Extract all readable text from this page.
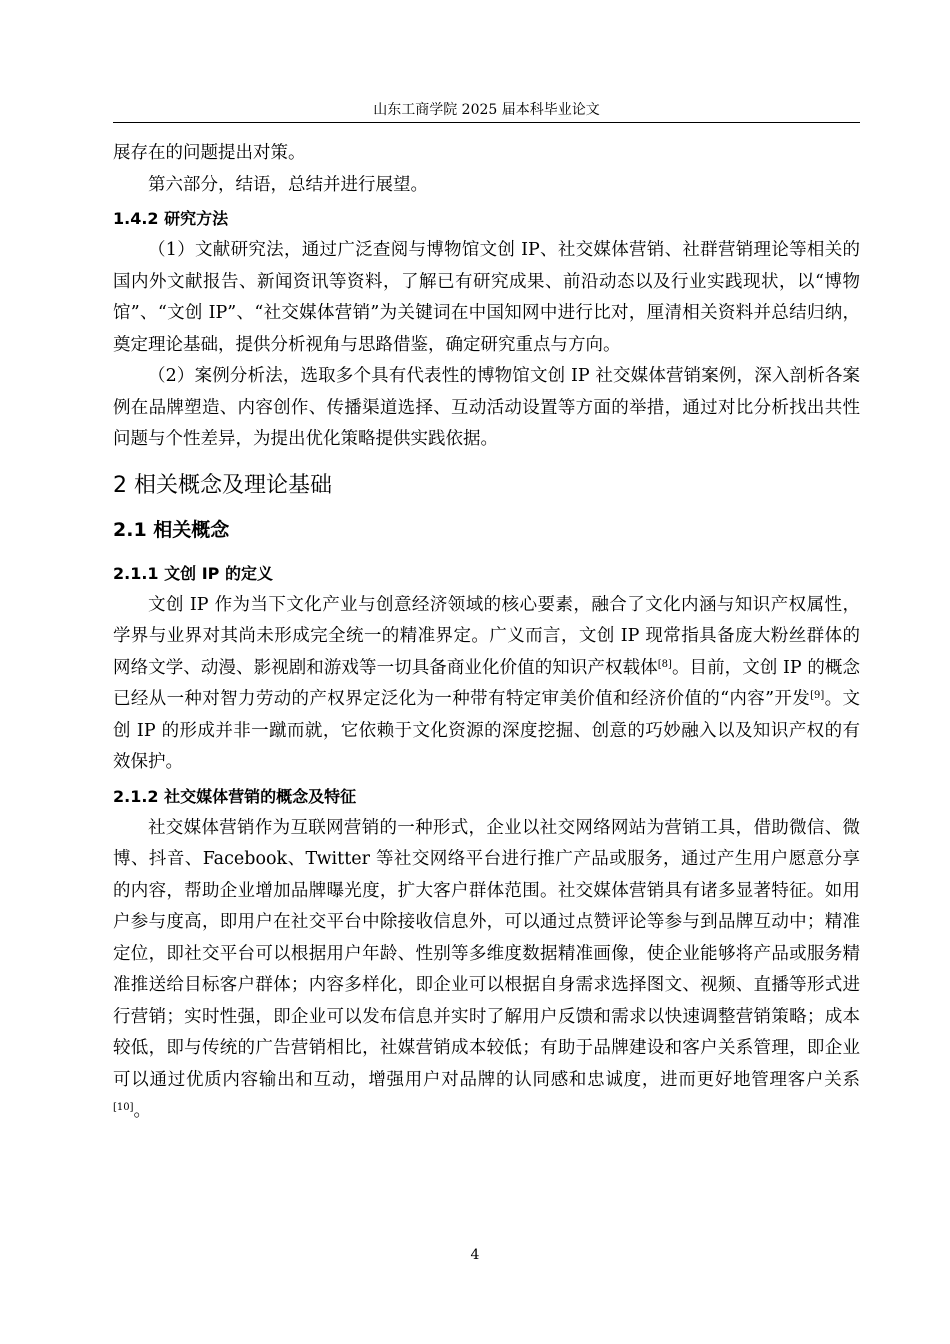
山东工商学院 2025 届本科毕业论文

展存在的问题提出对策。

第六部分，结语，总结并进行展望。

1.4.2 研究方法

（1）文献研究法，通过广泛查阅与博物馆文创 IP、社交媒体营销、社群营销理论等相关的国内外文献报告、新闻资讯等资料，了解已有研究成果、前沿动态以及行业实践现状，以“博物馆”、“文创 IP”、“社交媒体营销”为关键词在中国知网中进行比对，厘清相关资料并总结归纳，奠定理论基础，提供分析视角与思路借鉴，确定研究重点与方向。

（2）案例分析法，选取多个具有代表性的博物馆文创 IP 社交媒体营销案例，深入剖析各案例在品牌塑造、内容创作、传播渠道选择、互动活动设置等方面的举措，通过对比分析找出共性问题与个性差异，为提出优化策略提供实践依据。

2 相关概念及理论基础
2.1 相关概念
2.1.1 文创 IP 的定义

文创 IP 作为当下文化产业与创意经济领域的核心要素，融合了文化内涵与知识产权属性，学界与业界对其尚未形成完全统一的精准界定。广义而言，文创 IP 现常指具备庞大粉丝群体的网络文学、动漫、影视剧和游戏等一切具备商业化价值的知识产权载体[8]。目前，文创 IP 的概念已经从一种对智力劳动的产权界定泛化为一种带有特定审美价值和经济价值的“内容”开发[9]。文创 IP 的形成并非一蹴而就，它依赖于文化资源的深度挖掘、创意的巧妙融入以及知识产权的有效保护。

2.1.2 社交媒体营销的概念及特征

社交媒体营销作为互联网营销的一种形式，企业以社交网络网站为营销工具，借助微信、微博、抖音、Facebook、Twitter 等社交网络平台进行推广产品或服务，通过产生用户愿意分享的内容，帮助企业增加品牌曝光度，扩大客户群体范围。社交媒体营销具有诸多显著特征。如用户参与度高，即用户在社交平台中除接收信息外，可以通过点赞评论等参与到品牌互动中；精准定位，即社交平台可以根据用户年龄、性别等多维度数据精准画像，使企业能够将产品或服务精准推送给目标客户群体；内容多样化，即企业可以根据自身需求选择图文、视频、直播等形式进行营销；实时性强，即企业可以发布信息并实时了解用户反馈和需求以快速调整营销策略；成本较低，即与传统的广告营销相比，社媒营销成本较低；有助于品牌建设和客户关系管理，即企业可以通过优质内容输出和互动，增强用户对品牌的认同感和忠诚度，进而更好地管理客户关系[10]。

4
